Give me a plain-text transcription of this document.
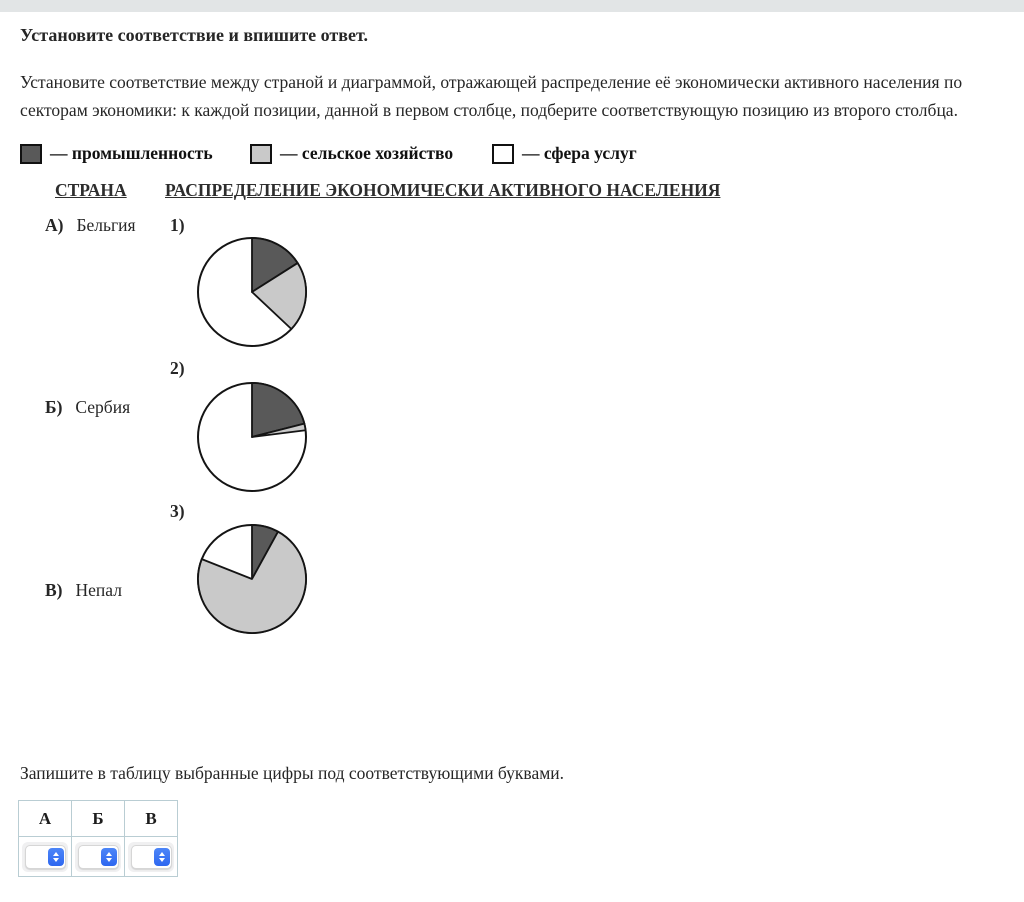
Установите соответствие и впишите ответ.
Установите соответствие между страной и диаграммой, отражающей распределение её экономически активного населения по секторам экономики: к каждой позиции, данной в первом столбце, подберите соответствующую позицию из второго столбца.
— промышленность	— сельское хозяйство	— сфера услуг
СТРАНА РАСПРЕДЕЛЕНИЕ ЭКОНОМИЧЕСКИ АКТИВНОГО НАСЕЛЕНИЯ
А) Бельгия
Б) Сербия
В) Непал
1)
2)
3)
Запишите в таблицу выбранные цифры под соответствующими буквами.
А	Б	В
